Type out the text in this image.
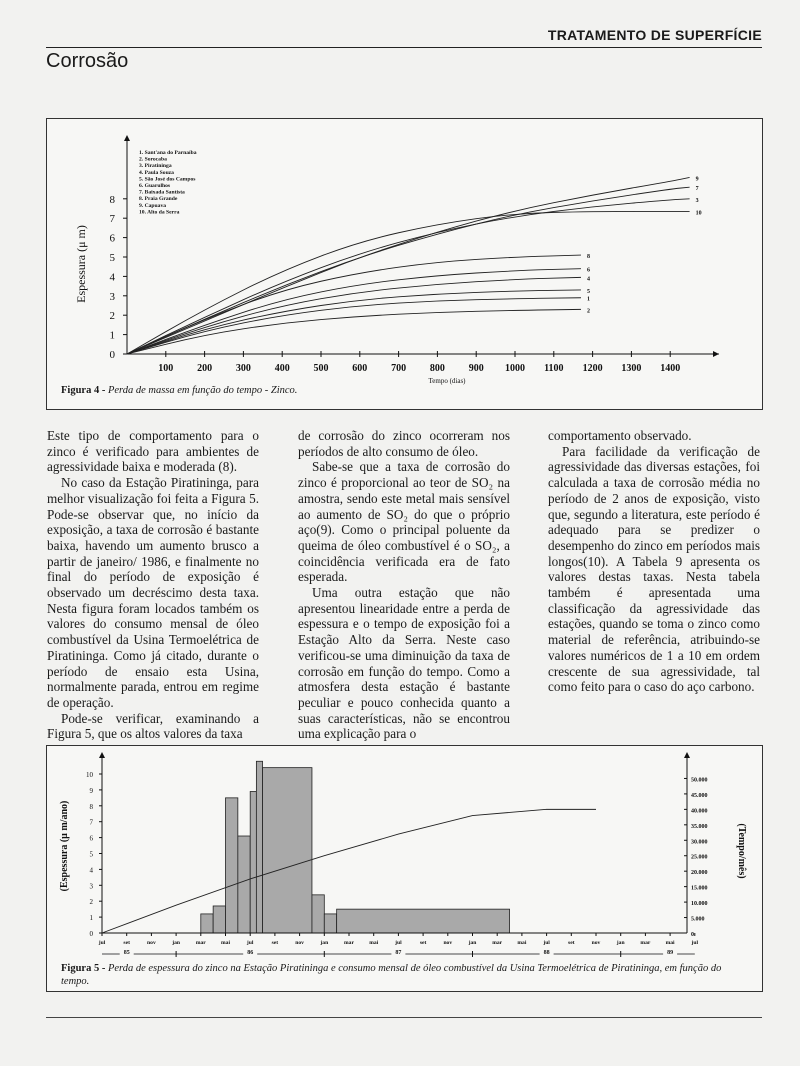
TRATAMENTO DE SUPERFÍCIE
Corrosão
100 200 300 400 500 600 700 800 900 1000 1100 1200 1300 1400
0
1
2
3
4
5
6
7
8
Tempo (dias)
Espessura (μ m)
1. Sant'ana do Parnaíba
2. Sorocaba
3. Piratininga
4. Paula Souza
5. São José dos Campos
6. Guarulhos
7. Baixada Santista
8. Praia Grande
9. Capuava
10. Alto da Serra
1
2
3
4
5
6
7
8
9
10
Figura 4 - Perda de massa em função do tempo - Zinco.

Este tipo de comportamento para o zinco é verificado para ambientes de agressividade baixa e moderada (8).

No caso da Estação Piratininga, para melhor visualização foi feita a Figura 5. Pode-se observar que, no início da exposição, a taxa de corrosão é bastante baixa, havendo um aumento brusco a partir de janeiro/ 1986, e finalmente no final do período de exposição é observado um decréscimo desta taxa. Nesta figura foram locados também os valores do consumo mensal de óleo combustível da Usina Termoelétrica de Piratininga. Como já citado, durante o período de ensaio esta Usina, normalmente parada, entrou em regime de operação.

Pode-se verificar, examinando a Figura 5, que os altos valores da taxa

de corrosão do zinco ocorreram nos períodos de alto consumo de óleo.

Sabe-se que a taxa de corrosão do zinco é proporcional ao teor de SO₂ na amostra, sendo este metal mais sensível ao aumento de SO₂ do que o próprio aço(9). Como o principal poluente da queima de óleo combustível é o SO₂, a coincidência verificada era de fato esperada.

Uma outra estação que não apresentou linearidade entre a perda de espessura e o tempo de exposição foi a Estação Alto da Serra. Neste caso verificou-se uma diminuição da taxa de corrosão em função do tempo. Como a atmosfera desta estação é bastante peculiar e pouco conhecida quanto a suas características, não se encontrou uma explicação para o

comportamento observado.

Para facilidade da verificação de agressividade das diversas estações, foi calculada a taxa de corrosão média no período de 2 anos de exposição, visto que, segundo a literatura, este período é adequado para se predizer o desempenho do zinco em períodos mais longos(10). A Tabela 9 apresenta os valores destas taxas. Nesta tabela também é apresentada uma classificação da agressividade das estações, quando se toma o zinco como material de referência, atribuindo-se valores numéricos de 1 a 10 em ordem crescente de sua agressividade, tal como feito para o caso do aço carbono.

0
1
2
3
4
5
6
7
8
9
10
5.000
10.000
15.000
20.000
25.000
30.000
35.000
40.000
45.000
50.000
0
(Espessura (μ m/ano)	(Tempo/mês)
jul	set	nov	jan	mar	mai	jul	set	nov	jan	mar	mai	jul	set	nov	jan	mar	mai	jul	set	nov	jan	mar	mai	jul
85	86	87	88	89
Figura 5 - Perda de espessura do zinco na Estação Piratininga e consumo mensal de óleo combustível da Usina Termoelétrica de Piratininga, em função do tempo.
